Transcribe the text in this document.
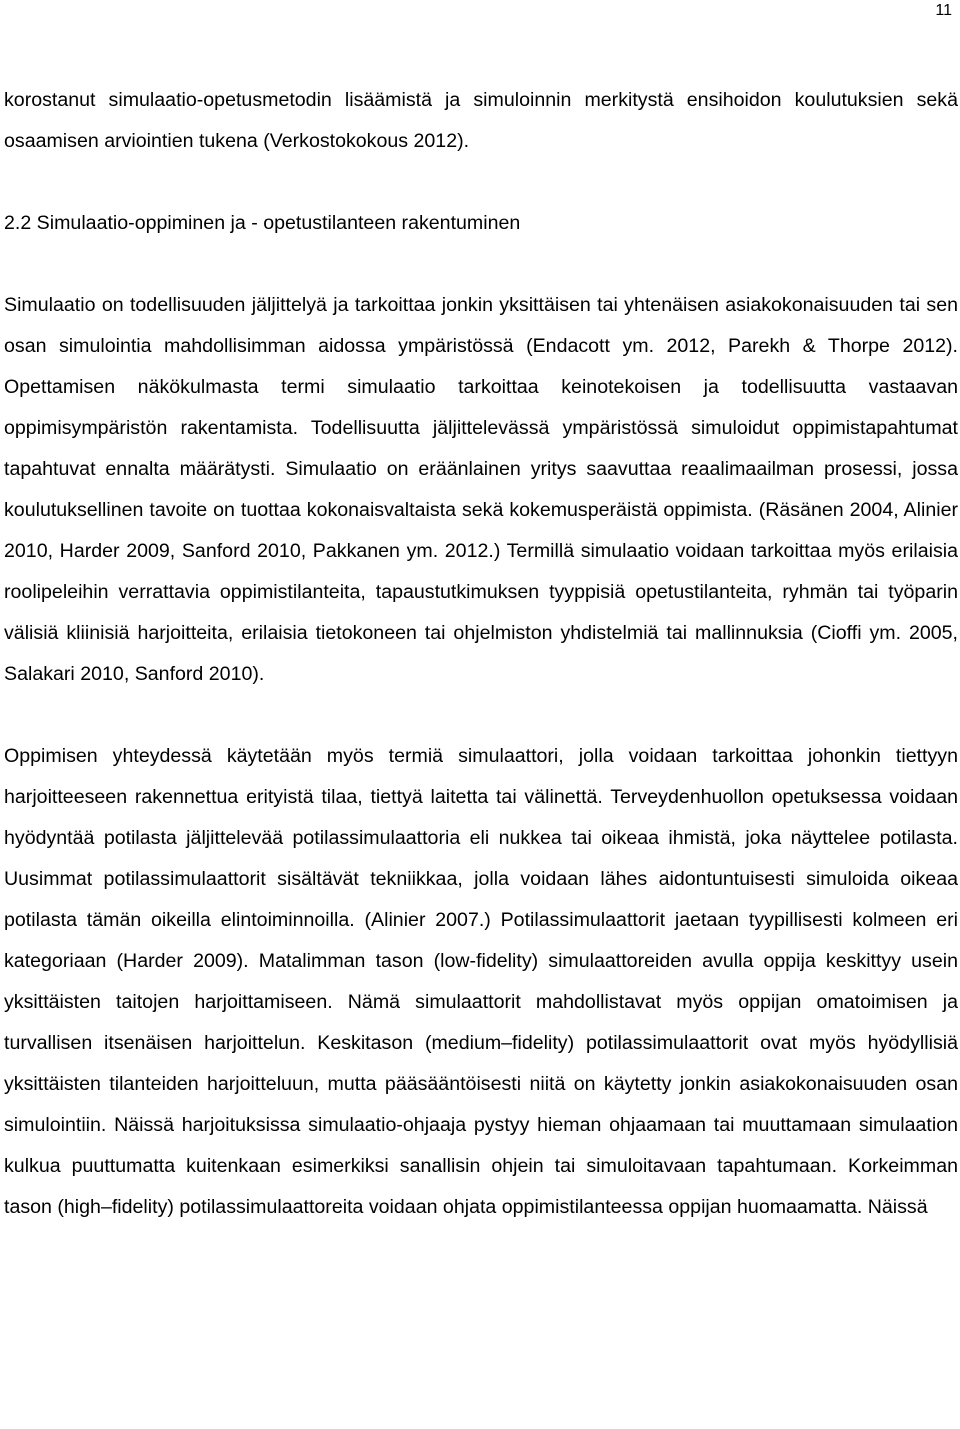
11

korostanut simulaatio-opetusmetodin lisäämistä ja simuloinnin merkitystä ensihoidon koulutuksien sekä osaamisen arviointien tukena (Verkostokokous 2012).

2.2 Simulaatio-oppiminen ja - opetustilanteen rakentuminen

Simulaatio on todellisuuden jäljittelyä ja tarkoittaa jonkin yksittäisen tai yhtenäisen asiakokonaisuuden tai sen osan simulointia mahdollisimman aidossa ympäristössä (Endacott ym. 2012, Parekh & Thorpe 2012). Opettamisen näkökulmasta termi simulaatio tarkoittaa keinotekoisen ja todellisuutta vastaavan oppimisympäristön rakentamista. Todellisuutta jäljittelevässä ympäristössä simuloidut oppimistapahtumat tapahtuvat ennalta määrätysti. Simulaatio on eräänlainen yritys saavuttaa reaalimaailman prosessi, jossa koulutuksellinen tavoite on tuottaa kokonaisvaltaista sekä kokemusperäistä oppimista. (Räsänen 2004, Alinier 2010, Harder 2009, Sanford 2010, Pakkanen ym. 2012.) Termillä simulaatio voidaan tarkoittaa myös erilaisia roolipeleihin verrattavia oppimistilanteita, tapaustutkimuksen tyyppisiä opetustilanteita, ryhmän tai työparin välisiä kliinisiä harjoitteita, erilaisia tietokoneen tai ohjelmiston yhdistelmiä tai mallinnuksia (Cioffi ym. 2005, Salakari 2010, Sanford 2010).

Oppimisen yhteydessä käytetään myös termiä simulaattori, jolla voidaan tarkoittaa johonkin tiettyyn harjoitteeseen rakennettua erityistä tilaa, tiettyä laitetta tai välinettä. Terveydenhuollon opetuksessa voidaan hyödyntää potilasta jäljittelevää potilassimulaattoria eli nukkea tai oikeaa ihmistä, joka näyttelee potilasta. Uusimmat potilassimulaattorit sisältävät tekniikkaa, jolla voidaan lähes aidontuntuisesti simuloida oikeaa potilasta tämän oikeilla elintoiminnoilla. (Alinier 2007.) Potilassimulaattorit jaetaan tyypillisesti kolmeen eri kategoriaan (Harder 2009). Matalimman tason (low-fidelity) simulaattoreiden avulla oppija keskittyy usein yksittäisten taitojen harjoittamiseen. Nämä simulaattorit mahdollistavat myös oppijan omatoimisen ja turvallisen itsenäisen harjoittelun. Keskitason (medium–fidelity) potilassimulaattorit ovat myös hyödyllisiä yksittäisten tilanteiden harjoitteluun, mutta pääsääntöisesti niitä on käytetty jonkin asiakokonaisuuden osan simulointiin. Näissä harjoituksissa simulaatio-ohjaaja pystyy hieman ohjaamaan tai muuttamaan simulaation kulkua puuttumatta kuitenkaan esimerkiksi sanallisin ohjein tai simuloitavaan tapahtumaan. Korkeimman tason (high–fidelity) potilassimulaattoreita voidaan ohjata oppimistilanteessa oppijan huomaamatta. Näissä
